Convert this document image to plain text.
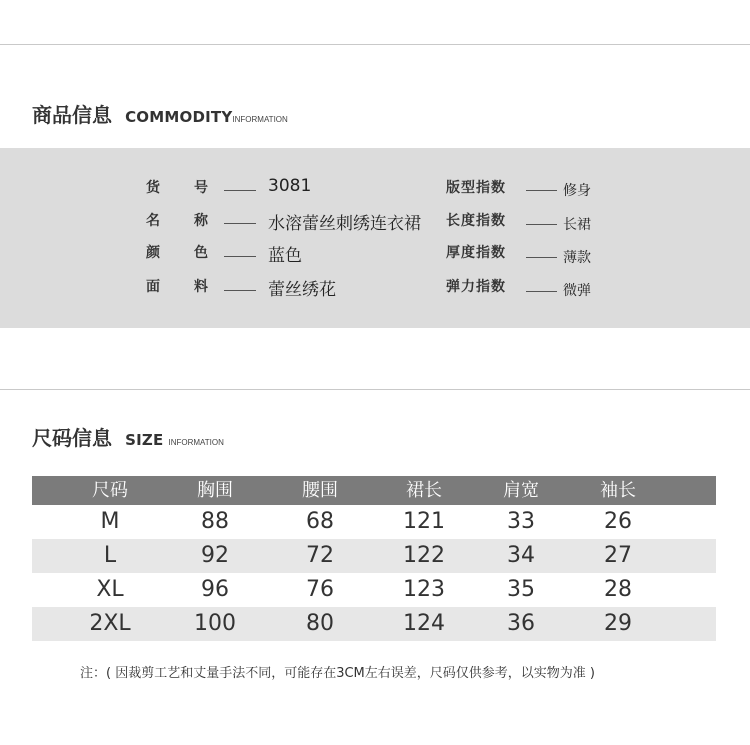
商品信息 COMMODITYINFORMATION
货 号	3081	版型指数	修身
名 称	水溶蕾丝刺绣连衣裙 长度指数	长裙
颜 色	蓝色	厚度指数	薄款
面 料	蕾丝绣花	弹力指数	微弹
尺码信息 SIZE INFORMATION
尺码	胸围	腰围	裙长	肩宽	袖长
M	88	68	121	33	26
L	92	72	122	34	27
XL	96	76	123	35	28
2XL	100	80	124	36	29
注：( 因裁剪工艺和丈量手法不同，可能存在3CM左右误差，尺码仅供参考，以实物为准 )
